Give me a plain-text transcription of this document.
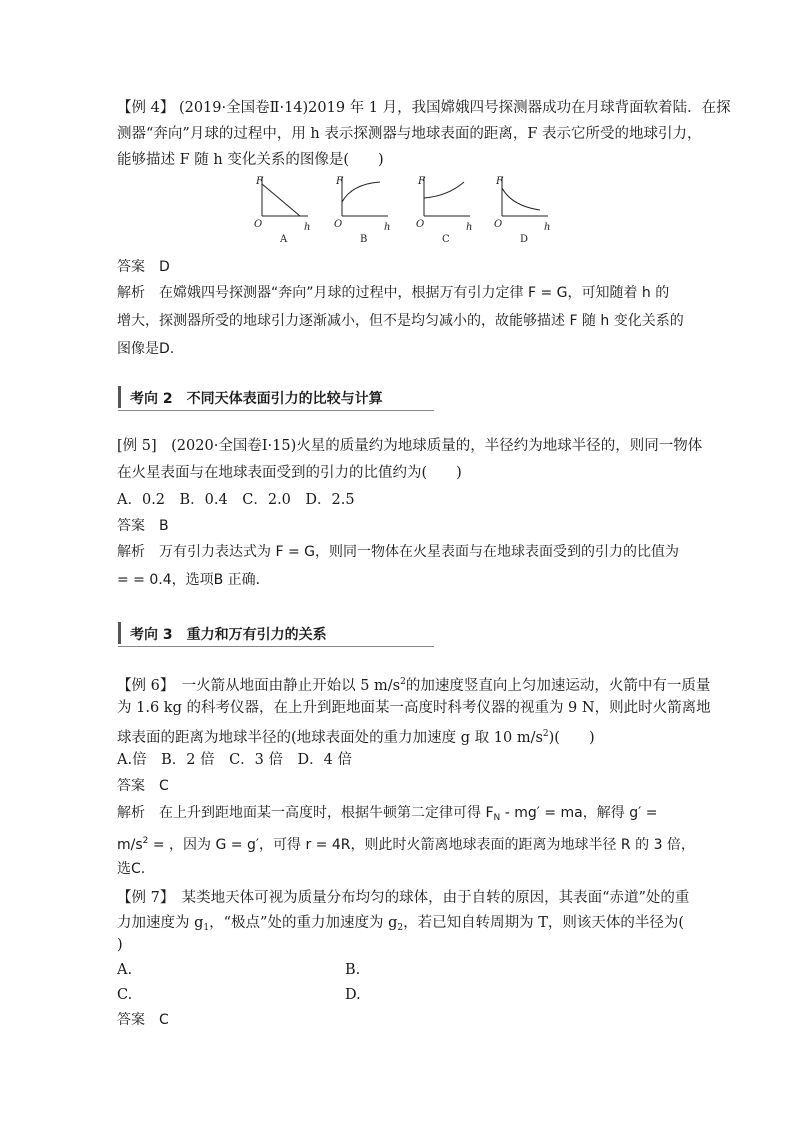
【例 4】 (2019·全国卷Ⅱ·14)2019 年 1 月，我国嫦娥四号探测器成功在月球背面软着陆．在探
测器“奔向”月球的过程中，用 h 表示探测器与地球表面的距离，F 表示它所受的地球引力，
能够描述 F 随 h 变化关系的图像是(　　)
F
O	h
A
F
O	h
B
F
O	h
C
F
O	h
D
答案　D
解析　在嫦娥四号探测器“奔向”月球的过程中，根据万有引力定律 F = G，可知随着 h 的
增大，探测器所受的地球引力逐渐减小，但不是均匀减小的，故能够描述 F 随 h 变化关系的
图像是D.
考向 2　不同天体表面引力的比较与计算
[例 5]　(2020·全国卷Ⅰ·15)火星的质量约为地球质量的，半径约为地球半径的，则同一物体
在火星表面与在地球表面受到的引力的比值约为(　　)
A．0.2　B．0.4　C．2.0　D．2.5
答案　B
解析　万有引力表达式为 F = G，则同一物体在火星表面与在地球表面受到的引力的比值为
= = 0.4，选项B 正确．
考向 3　重力和万有引力的关系
【例 6】　一火箭从地面由静止开始以 5 $m/s^2$的加速度竖直向上匀加速运动，火箭中有一质量
为 1.6 kg 的科考仪器，在上升到距地面某一高度时科考仪器的视重为 9 N，则此时火箭离地
球表面的距离为地球半径的(地球表面处的重力加速度 g 取 10 $m/s^2$)(　　)
A.倍　B．2 倍　C．3 倍　D．4 倍
答案　C
解析　在上升到距地面某一高度时，根据牛顿第二定律可得 $F_N - mg'$ = ma，解得 g′ =
$m/s^2$ = ，因为 G = g′，可得 r = 4R，则此时火箭离地球表面的距离为地球半径 R 的 3 倍，
选C.
【例 7】　某类地天体可视为质量分布均匀的球体，由于自转的原因，其表面“赤道”处的重
力加速度为 $g_1$，“极点”处的重力加速度为 $g_2$，若已知自转周期为 T，则该天体的半径为(
)
A.	B.
C.	D.
答案　C
